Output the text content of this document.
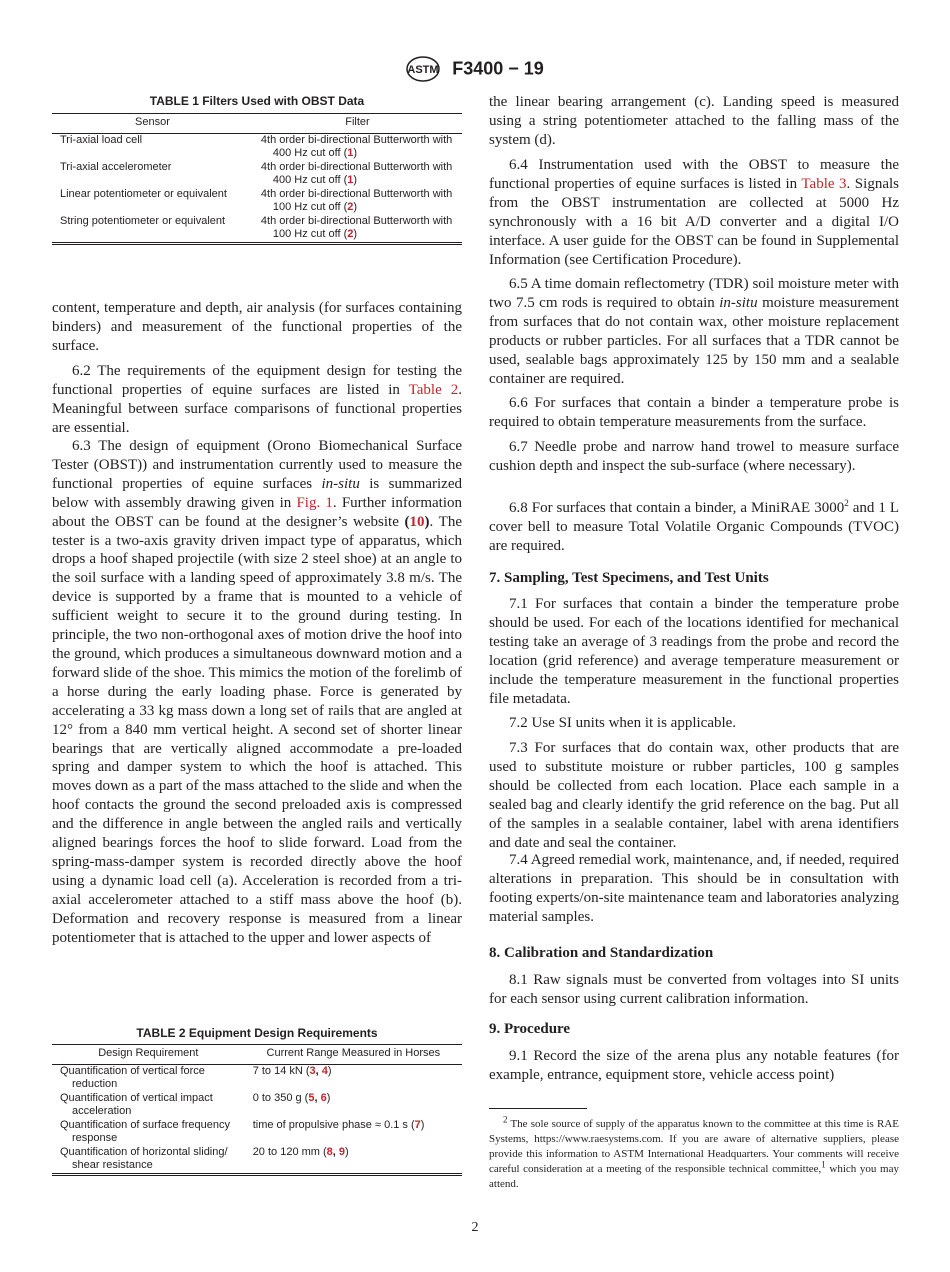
ASTM F3400 − 19
TABLE 1 Filters Used with OBST Data
Sensor	Filter

Tri-axial load cell	4th order bi-directional Butterworth with 400 Hz cut off (1)

Tri-axial accelerometer	4th order bi-directional Butterworth with 400 Hz cut off (1)

Linear potentiometer or equivalent	4th order bi-directional Butterworth with 100 Hz cut off (2)

String potentiometer or equivalent	4th order bi-directional Butterworth with 100 Hz cut off (2)
content, temperature and depth, air analysis (for surfaces containing binders) and measurement of the functional properties of the surface.
6.2 The requirements of the equipment design for testing the functional properties of equine surfaces are listed in Table 2. Meaningful between surface comparisons of functional properties are essential.
6.3 The design of equipment (Orono Biomechanical Surface Tester (OBST)) and instrumentation currently used to measure the functional properties of equine surfaces in-situ is summarized below with assembly drawing given in Fig. 1. Further information about the OBST can be found at the designer’s website (10). The tester is a two-axis gravity driven impact type of apparatus, which drops a hoof shaped projectile (with size 2 steel shoe) at an angle to the soil surface with a landing speed of approximately 3.8 m/s. The device is supported by a frame that is mounted to a vehicle of sufficient weight to secure it to the ground during testing. In principle, the two non-orthogonal axes of motion drive the hoof into the ground, which produces a simultaneous downward motion and a forward slide of the shoe. This mimics the motion of the forelimb of a horse during the early loading phase. Force is generated by accelerating a 33 kg mass down a long set of rails that are angled at 12° from a 840 mm vertical height. A second set of shorter linear bearings that are vertically aligned accommodate a pre-loaded spring and damper system to which the hoof is attached. This moves down as a part of the mass attached to the slide and when the hoof contacts the ground the second preloaded axis is compressed and the difference in angle between the angled rails and vertically aligned bearings forces the hoof to slide forward. Load from the spring-mass-damper system is recorded directly above the hoof using a dynamic load cell (a). Acceleration is recorded from a tri-axial accelerometer attached to a stiff mass above the hoof (b). Deformation and recovery response is measured from a linear potentiometer that is attached to the upper and lower aspects of
TABLE 2 Equipment Design Requirements
Design Requirement	Current Range Measured in Horses

Quantification of vertical force reduction	7 to 14 kN (3, 4)

Quantification of vertical impact acceleration	0 to 350 g (5, 6)

Quantification of surface frequency response	time of propulsive phase ≈ 0.1 s (7)

Quantification of horizontal sliding/ shear resistance	20 to 120 mm (8, 9)
the linear bearing arrangement (c). Landing speed is measured using a string potentiometer attached to the falling mass of the system (d).
6.4 Instrumentation used with the OBST to measure the functional properties of equine surfaces is listed in Table 3. Signals from the OBST instrumentation are collected at 5000 Hz synchronously with a 16 bit A/D converter and a digital I/O interface. A user guide for the OBST can be found in Supplemental Information (see Certification Procedure).
6.5 A time domain reflectometry (TDR) soil moisture meter with two 7.5 cm rods is required to obtain in-situ moisture measurement from surfaces that do not contain wax, other moisture replacement products or rubber particles. For all surfaces that a TDR cannot be used, sealable bags approximately 125 by 150 mm and a sealable container are required.
6.6 For surfaces that contain a binder a temperature probe is required to obtain temperature measurements from the surface.
6.7 Needle probe and narrow hand trowel to measure surface cushion depth and inspect the sub-surface (where necessary).
6.8 For surfaces that contain a binder, a MiniRAE 3000$^2$ and 1 L cover bell to measure Total Volatile Organic Compounds (TVOC) are required.
7. Sampling, Test Specimens, and Test Units
7.1 For surfaces that contain a binder the temperature probe should be used. For each of the locations identified for mechanical testing take an average of 3 readings from the probe and record the location (grid reference) and average temperature measurement or include the temperature measurement in the functional properties file metadata.
7.2 Use SI units when it is applicable.
7.3 For surfaces that do contain wax, other products that are used to substitute moisture or rubber particles, 100 g samples should be collected from each location. Place each sample in a sealed bag and clearly identify the grid reference on the bag. Put all of the samples in a sealable container, label with arena identifiers and date and seal the container.
7.4 Agreed remedial work, maintenance, and, if needed, required alterations in preparation. This should be in consultation with footing experts/on-site maintenance team and laboratories analyzing material samples.
8. Calibration and Standardization
8.1 Raw signals must be converted from voltages into SI units for each sensor using current calibration information.
9. Procedure
9.1 Record the size of the arena plus any notable features (for example, entrance, equipment store, vehicle access point)
$^2$ The sole source of supply of the apparatus known to the committee at this time is RAE Systems, https://www.raesystems.com. If you are aware of alternative suppliers, please provide this information to ASTM International Headquarters. Your comments will receive careful consideration at a meeting of the responsible technical committee,$^1$ which you may attend.
2
